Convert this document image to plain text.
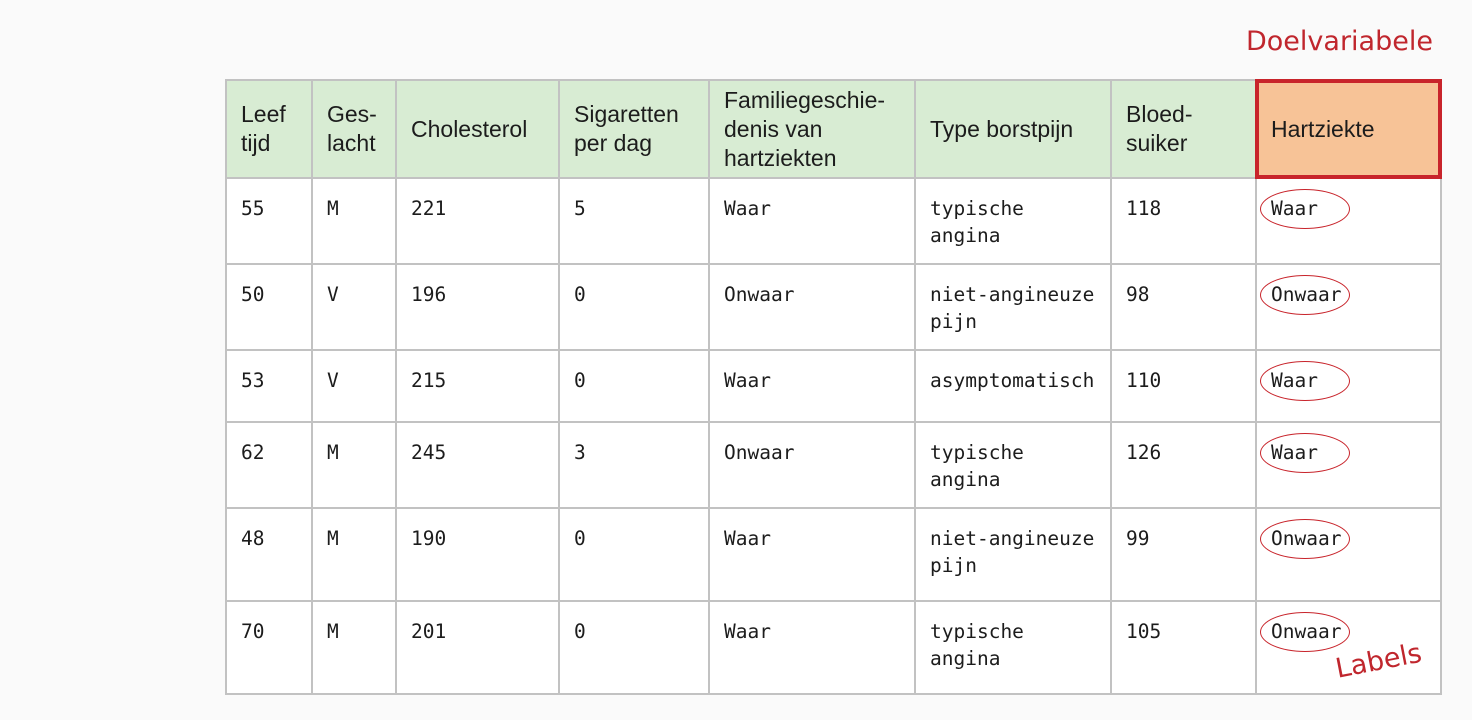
Doelvariabele
Leef tijd	Ges-lacht	Cholesterol	Sigaretten per dag	Familiegeschie-denis van hartziekten	Type borstpijn	Bloed-suiker	Hartziekte

55	M	221	5	Waar	typische angina	118	Waar
50	V	196	0	Onwaar	niet-angineuze pijn	98	Onwaar
53	V	215	0	Waar	asymptomatisch	110	Waar
62	M	245	3	Onwaar	typische angina	126	Waar
48	M	190	0	Waar	niet-angineuze pijn	99	Onwaar
70	M	201	0	Waar	typische angina	105	Onwaar
Labels
